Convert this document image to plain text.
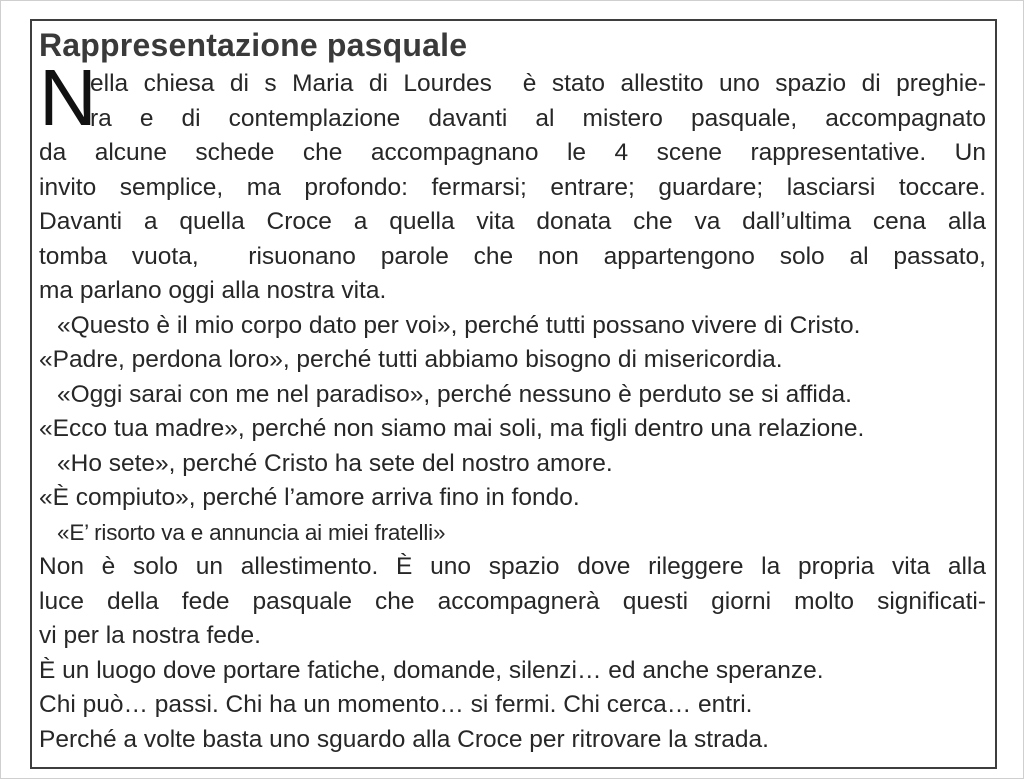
Rappresentazione pasquale
N
ella chiesa di s Maria di Lourdes  è stato allestito uno spazio di preghie-
ra e di contemplazione davanti al mistero pasquale, accompagnato
da alcune schede che accompagnano le 4 scene rappresentative. Un
invito semplice, ma profondo: fermarsi; entrare; guardare; lasciarsi toccare.
Davanti a quella Croce a quella vita donata che va dall’ultima cena alla
tomba vuota,  risuonano parole che non appartengono solo al passato,
ma parlano oggi alla nostra vita.
«Questo è il mio corpo dato per voi», perché tutti possano vivere di Cristo.
«Padre, perdona loro», perché tutti abbiamo bisogno di misericordia.
«Oggi sarai con me nel paradiso», perché nessuno è perduto se si affida.
«Ecco tua madre», perché non siamo mai soli, ma figli dentro una relazione.
«Ho sete», perché Cristo ha sete del nostro amore.
«È compiuto», perché l’amore arriva fino in fondo.
«E’ risorto va e annuncia ai miei fratelli»
Non è solo un allestimento. È uno spazio dove rileggere la propria vita alla
luce della fede pasquale che accompagnerà questi giorni molto significati-
vi per la nostra fede.
È un luogo dove portare fatiche, domande, silenzi… ed anche speranze.
Chi può… passi. Chi ha un momento… si fermi. Chi cerca… entri.
Perché a volte basta uno sguardo alla Croce per ritrovare la strada.
